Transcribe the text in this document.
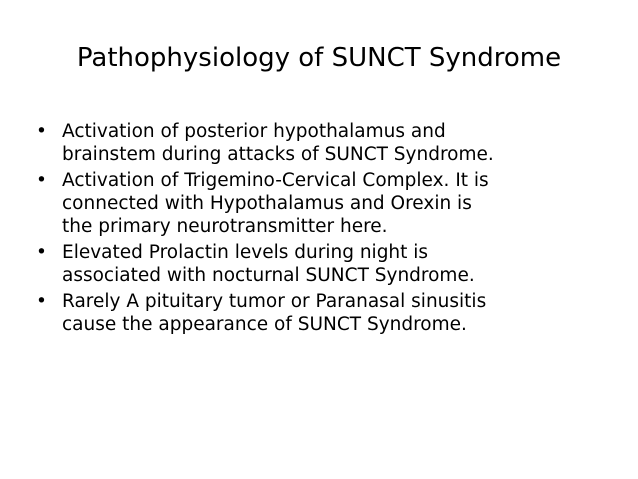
Pathophysiology of SUNCT Syndrome
• Activation of posterior hypothalamus and
brainstem during attacks of SUNCT Syndrome.
• Activation of Trigemino-Cervical Complex. It is
connected with Hypothalamus and Orexin is
the primary neurotransmitter here.
• Elevated Prolactin levels during night is
associated with nocturnal SUNCT Syndrome.
• Rarely A pituitary tumor or Paranasal sinusitis
cause the appearance of SUNCT Syndrome.
